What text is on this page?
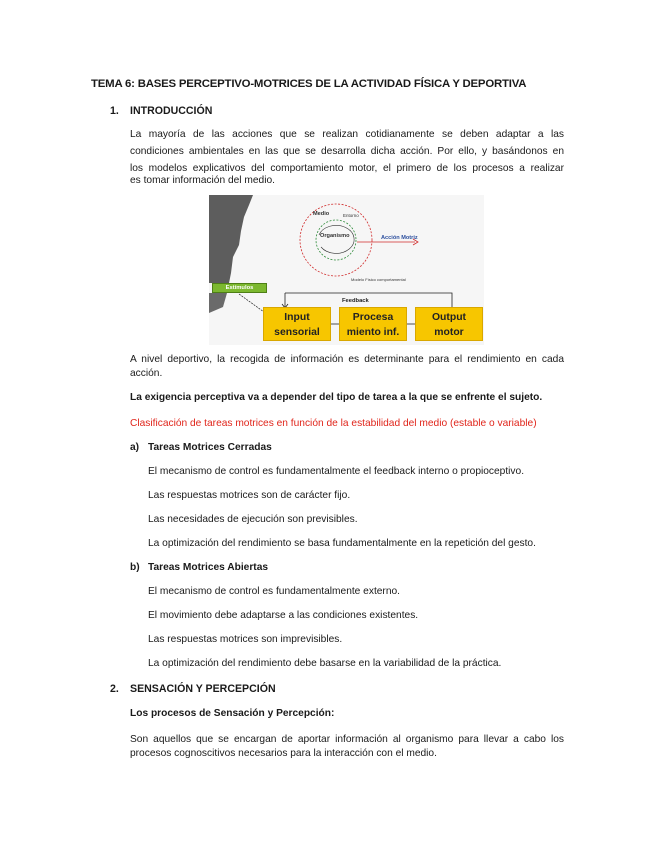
TEMA 6: BASES PERCEPTIVO-MOTRICES DE LA ACTIVIDAD FÍSICA Y DEPORTIVA
1. INTRODUCCIÓN
La mayoría de las acciones que se realizan cotidianamente se deben adaptar a las
condiciones ambientales en las que se desarrolla dicha acción. Por ello, y basándonos en
los modelos explicativos del comportamiento motor, el primero de los procesos a realizar
es tomar información del medio.
Medio	Entorno
Organismo	Acción Motriz
Modelo Físico comportamental
Estímulos
Feedback
Input
sensorial
Procesa
miento inf.
Output
motor
A nivel deportivo, la recogida de información es determinante para el rendimiento en cada
acción.
La exigencia perceptiva va a depender del tipo de tarea a la que se enfrente el sujeto.
Clasificación de tareas motrices en función de la estabilidad del medio (estable o variable)
a) Tareas Motrices Cerradas
El mecanismo de control es fundamentalmente el feedback interno o propioceptivo.
Las respuestas motrices son de carácter fijo.
Las necesidades de ejecución son previsibles.
La optimización del rendimiento se basa fundamentalmente en la repetición del gesto.
b) Tareas Motrices Abiertas
El mecanismo de control es fundamentalmente externo.
El movimiento debe adaptarse a las condiciones existentes.
Las respuestas motrices son imprevisibles.
La optimización del rendimiento debe basarse en la variabilidad de la práctica.
2. SENSACIÓN Y PERCEPCIÓN
Los procesos de Sensación y Percepción:
Son aquellos que se encargan de aportar información al organismo para llevar a cabo los
procesos cognoscitivos necesarios para la interacción con el medio.
